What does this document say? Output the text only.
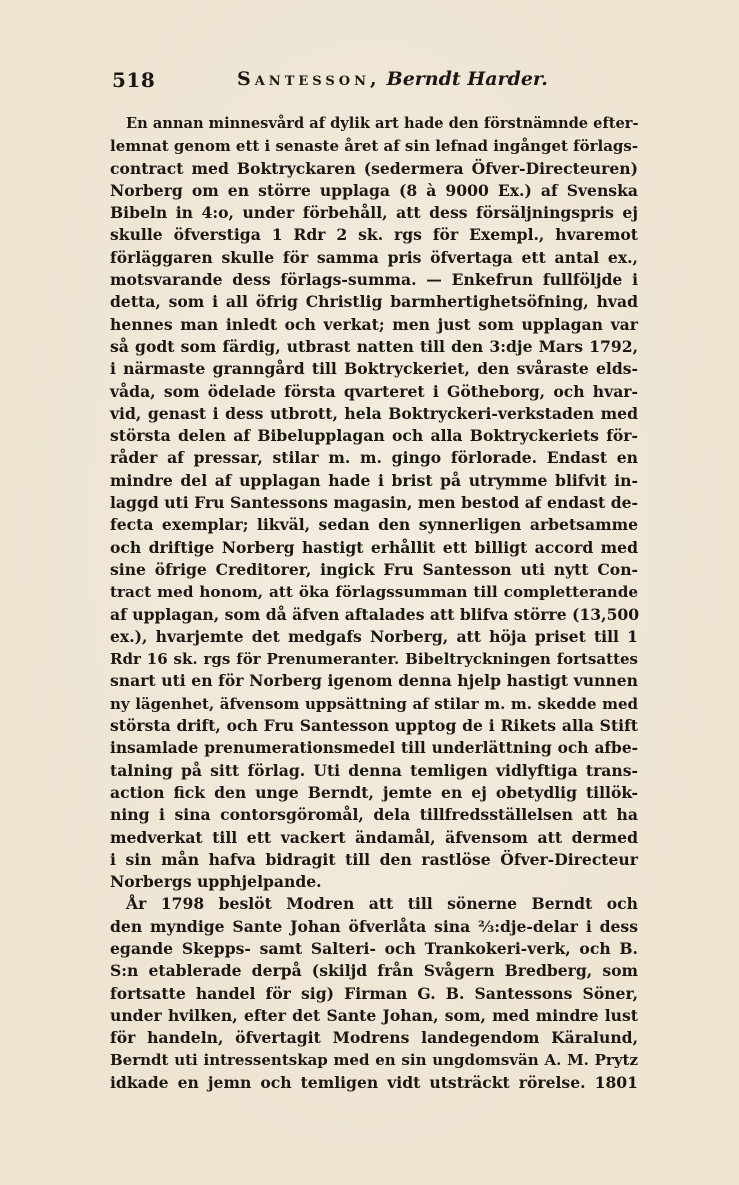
518	Santesson, Berndt Harder.
En annan minnesvård af dylik art hade den förstnämnde efter-
lemnat genom ett i senaste året af sin lefnad ingånget förlags-
contract med Boktryckaren (sedermera Öfver-Directeuren)
Norberg om en större upplaga (8 à 9000 Ex.) af Svenska
Bibeln in 4:o, under förbehåll, att dess försäljningspris ej
skulle öfverstiga 1 Rdr 2 sk. rgs för Exempl., hvaremot
förläggaren skulle för samma pris öfvertaga ett antal ex.,
motsvarande dess förlags-summa. — Enkefrun fullföljde i
detta, som i all öfrig Christlig barmhertighetsöfning, hvad
hennes man inledt och verkat; men just som upplagan var
så godt som färdig, utbrast natten till den 3:dje Mars 1792,
i närmaste granngård till Boktryckeriet, den svåraste elds-
våda, som ödelade första qvarteret i Götheborg, och hvar-
vid, genast i dess utbrott, hela Boktryckeri-verkstaden med
största delen af Bibelupplagan och alla Boktryckeriets för-
råder af pressar, stilar m. m. gingo förlorade. Endast en
mindre del af upplagan hade i brist på utrymme blifvit in-
laggd uti Fru Santessons magasin, men bestod af endast de-
fecta exemplar; likväl, sedan den synnerligen arbetsamme
och driftige Norberg hastigt erhållit ett billigt accord med
sine öfrige Creditorer, ingick Fru Santesson uti nytt Con-
tract med honom, att öka förlagssumman till completterande
af upplagan, som då äfven aftalades att blifva större (13,500
ex.), hvarjemte det medgafs Norberg, att höja priset till 1
Rdr 16 sk. rgs för Prenumeranter. Bibeltryckningen fortsattes
snart uti en för Norberg igenom denna hjelp hastigt vunnen
ny lägenhet, äfvensom uppsättning af stilar m. m. skedde med
största drift, och Fru Santesson upptog de i Rikets alla Stift
insamlade prenumerationsmedel till underlättning och afbe-
talning på sitt förlag. Uti denna temligen vidlyftiga trans-
action fick den unge Berndt, jemte en ej obetydlig tillök-
ning i sina contorsgöromål, dela tillfredsställelsen att ha
medverkat till ett vackert ändamål, äfvensom att dermed
i sin mån hafva bidragit till den rastlöse Öfver-Directeur
Norbergs upphjelpande.
År 1798 beslöt Modren att till sönerne Berndt och
den myndige Sante Johan öfverlåta sina ⅔:dje-delar i dess
egande Skepps- samt Salteri- och Trankokeri-verk, och B.
S:n etablerade derpå (skiljd från Svågern Bredberg, som
fortsatte handel för sig) Firman G. B. Santessons Söner,
under hvilken, efter det Sante Johan, som, med mindre lust
för handeln, öfvertagit Modrens landegendom Käralund,
Berndt uti intressentskap med en sin ungdomsvän A. M. Prytz
idkade en jemn och temligen vidt utsträckt rörelse. 1801
